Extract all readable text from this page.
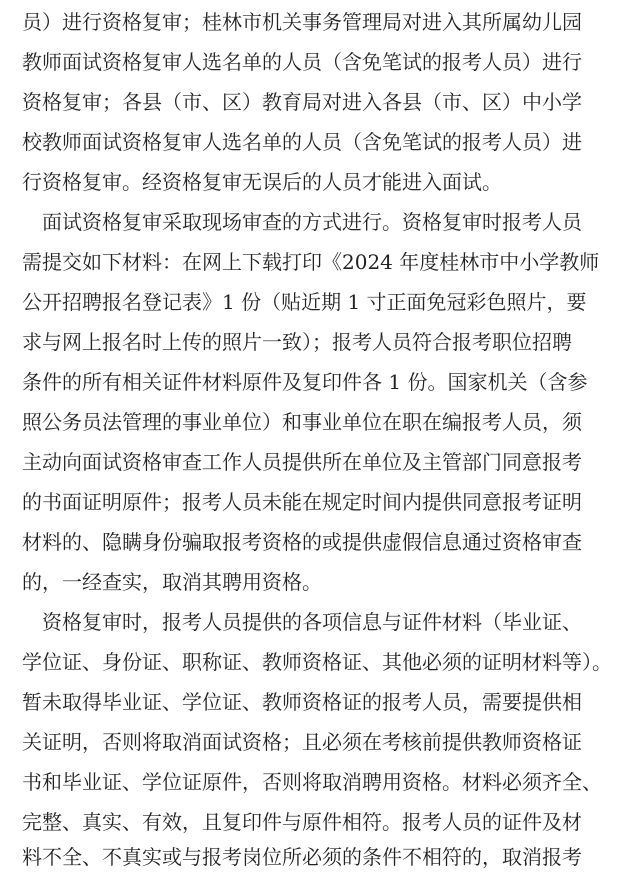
员）进行资格复审；桂林市机关事务管理局对进入其所属幼儿园
教师面试资格复审人选名单的人员（含免笔试的报考人员）进行
资格复审；各县（市、区）教育局对进入各县（市、区）中小学
校教师面试资格复审人选名单的人员（含免笔试的报考人员）进
行资格复审。经资格复审无误后的人员才能进入面试。
　面试资格复审采取现场审查的方式进行。资格复审时报考人员
需提交如下材料：在网上下载打印《2024 年度桂林市中小学教师
公开招聘报名登记表》1 份（贴近期 1 寸正面免冠彩色照片，要
求与网上报名时上传的照片一致）；报考人员符合报考职位招聘
条件的所有相关证件材料原件及复印件各 1 份。国家机关（含参
照公务员法管理的事业单位）和事业单位在职在编报考人员，须
主动向面试资格审查工作人员提供所在单位及主管部门同意报考
的书面证明原件；报考人员未能在规定时间内提供同意报考证明
材料的、隐瞒身份骗取报考资格的或提供虚假信息通过资格审查
的，一经查实，取消其聘用资格。
　资格复审时，报考人员提供的各项信息与证件材料（毕业证、
学位证、身份证、职称证、教师资格证、其他必须的证明材料等）。
暂未取得毕业证、学位证、教师资格证的报考人员，需要提供相
关证明，否则将取消面试资格；且必须在考核前提供教师资格证
书和毕业证、学位证原件，否则将取消聘用资格。材料必须齐全、
完整、真实、有效，且复印件与原件相符。报考人员的证件及材
料不全、不真实或与报考岗位所必须的条件不相符的，取消报考
